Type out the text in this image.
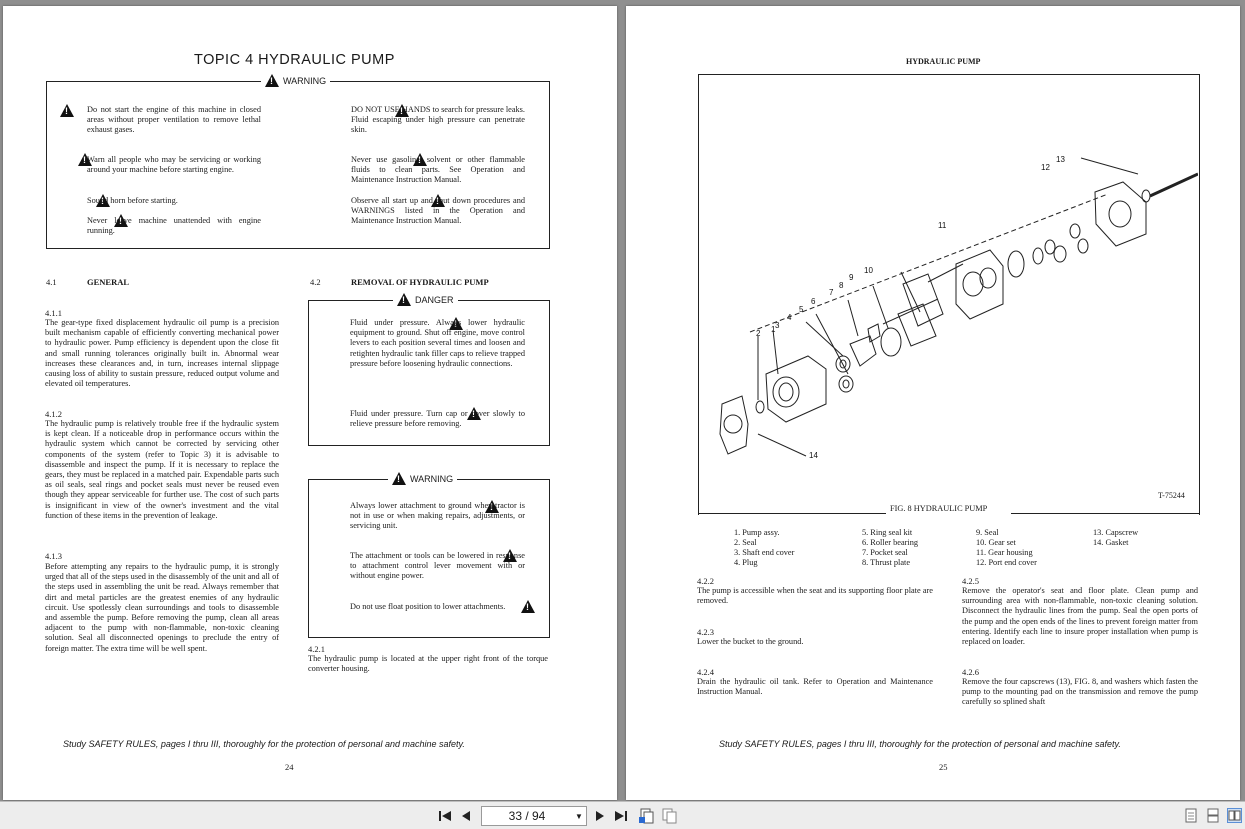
TOPIC 4 HYDRAULIC PUMP
!
WARNING
!
Do not start the engine of this machine in closed areas without proper ventilation to remove lethal exhaust gases.
!
Warn all people who may be servicing or working around your machine before starting engine.
!
Sound horn before starting.
!
Never leave machine unattended with engine running.
!
DO NOT USE HANDS to search for pressure leaks. Fluid escaping under high pressure can penetrate skin.
!
Never use gasoline, solvent or other flammable fluids to clean parts. See Operation and Maintenance Instruction Manual.
!
Observe all start up and shut down procedures and WARNINGS listed in the Operation and Maintenance Instruction Manual.
4.1	GENERAL
4.1.1
The gear-type fixed displacement hydraulic oil pump is a precision built mechanism capable of efficiently converting mechanical power to hydraulic power. Pump efficiency is dependent upon the close fit and small running tolerances originally built in. Abnormal wear increases these clearances and, in turn, increases internal slippage causing loss of ability to sustain pressure, reduced output volume and elevated oil temperatures.
4.1.2
The hydraulic pump is relatively trouble free if the hydraulic system is kept clean. If a noticeable drop in performance occurs within the hydraulic system which cannot be corrected by servicing other components of the system (refer to Topic 3) it is advisable to disassemble and inspect the pump. If it is necessary to replace the gears, they must be replaced in a matched pair. Expendable parts such as oil seals, seal rings and pocket seals must never be reused even though they appear serviceable for further use. The cost of such parts is insignificant in view of the owner's investment and the vital function of these items in the prevention of leakage.
4.1.3
Before attempting any repairs to the hydraulic pump, it is strongly urged that all of the steps used in the disassembly of the unit and all of the steps used in assembling the unit be read. Always remember that dirt and metal particles are the greatest enemies of any hydraulic circuit. Use spotlessly clean surroundings and tools to disassemble and assemble the pump. Before removing the pump, clean all areas adjacent to the pump with non-flammable, non-toxic cleaning solution. Seal all disconnected openings to preclude the entry of foreign matter. The extra time will be well spent.
4.2	REMOVAL OF HYDRAULIC PUMP
!
DANGER
!
Fluid under pressure. Always lower hydraulic equipment to ground. Shut off engine, move control levers to each position several times and loosen and retighten hydraulic tank filler caps to relieve trapped pressure before loosening hydraulic connections.
!
Fluid under pressure. Turn cap or cover slowly to relieve pressure before removing.
!
WARNING
!
Always lower attachment to ground when tractor is not in use or when making repairs, adjustments, or servicing unit.
!
The attachment or tools can be lowered in response to attachment control lever movement with or without engine power.
!
Do not use float position to lower attachments.
4.2.1
The hydraulic pump is located at the upper right front of the torque converter housing.
Study SAFETY RULES, pages I thru III, thoroughly for the protection of personal and machine safety.
24
HYDRAULIC PUMP
FIG. 8 HYDRAULIC PUMP
T-75244
1
2
3
4
5
6
7
8
9
10
11
12
13
14
1. Pump assy.
2. Seal
3. Shaft end cover
4. Plug
5. Ring seal kit
6. Roller bearing
7. Pocket seal
8. Thrust plate
9. Seal
10. Gear set
11. Gear housing
12. Port end cover
13. Capscrew
14. Gasket
4.2.2
The pump is accessible when the seat and its supporting floor plate are removed.
4.2.3
Lower the bucket to the ground.
4.2.4
Drain the hydraulic oil tank. Refer to Operation and Maintenance Instruction Manual.
4.2.5
Remove the operator's seat and floor plate. Clean pump and surrounding area with non-flammable, non-toxic cleaning solution. Disconnect the hydraulic lines from the pump. Seal the open ports of the pump and the open ends of the lines to prevent foreign matter from entering. Identify each line to insure proper installation when pump is replaced on loader.
4.2.6
Remove the four capscrews (13), FIG. 8, and washers which fasten the pump to the mounting pad on the transmission and remove the pump carefully so splined shaft
Study SAFETY RULES, pages I thru III, thoroughly for the protection of personal and machine safety.
25
33 / 94	▼
